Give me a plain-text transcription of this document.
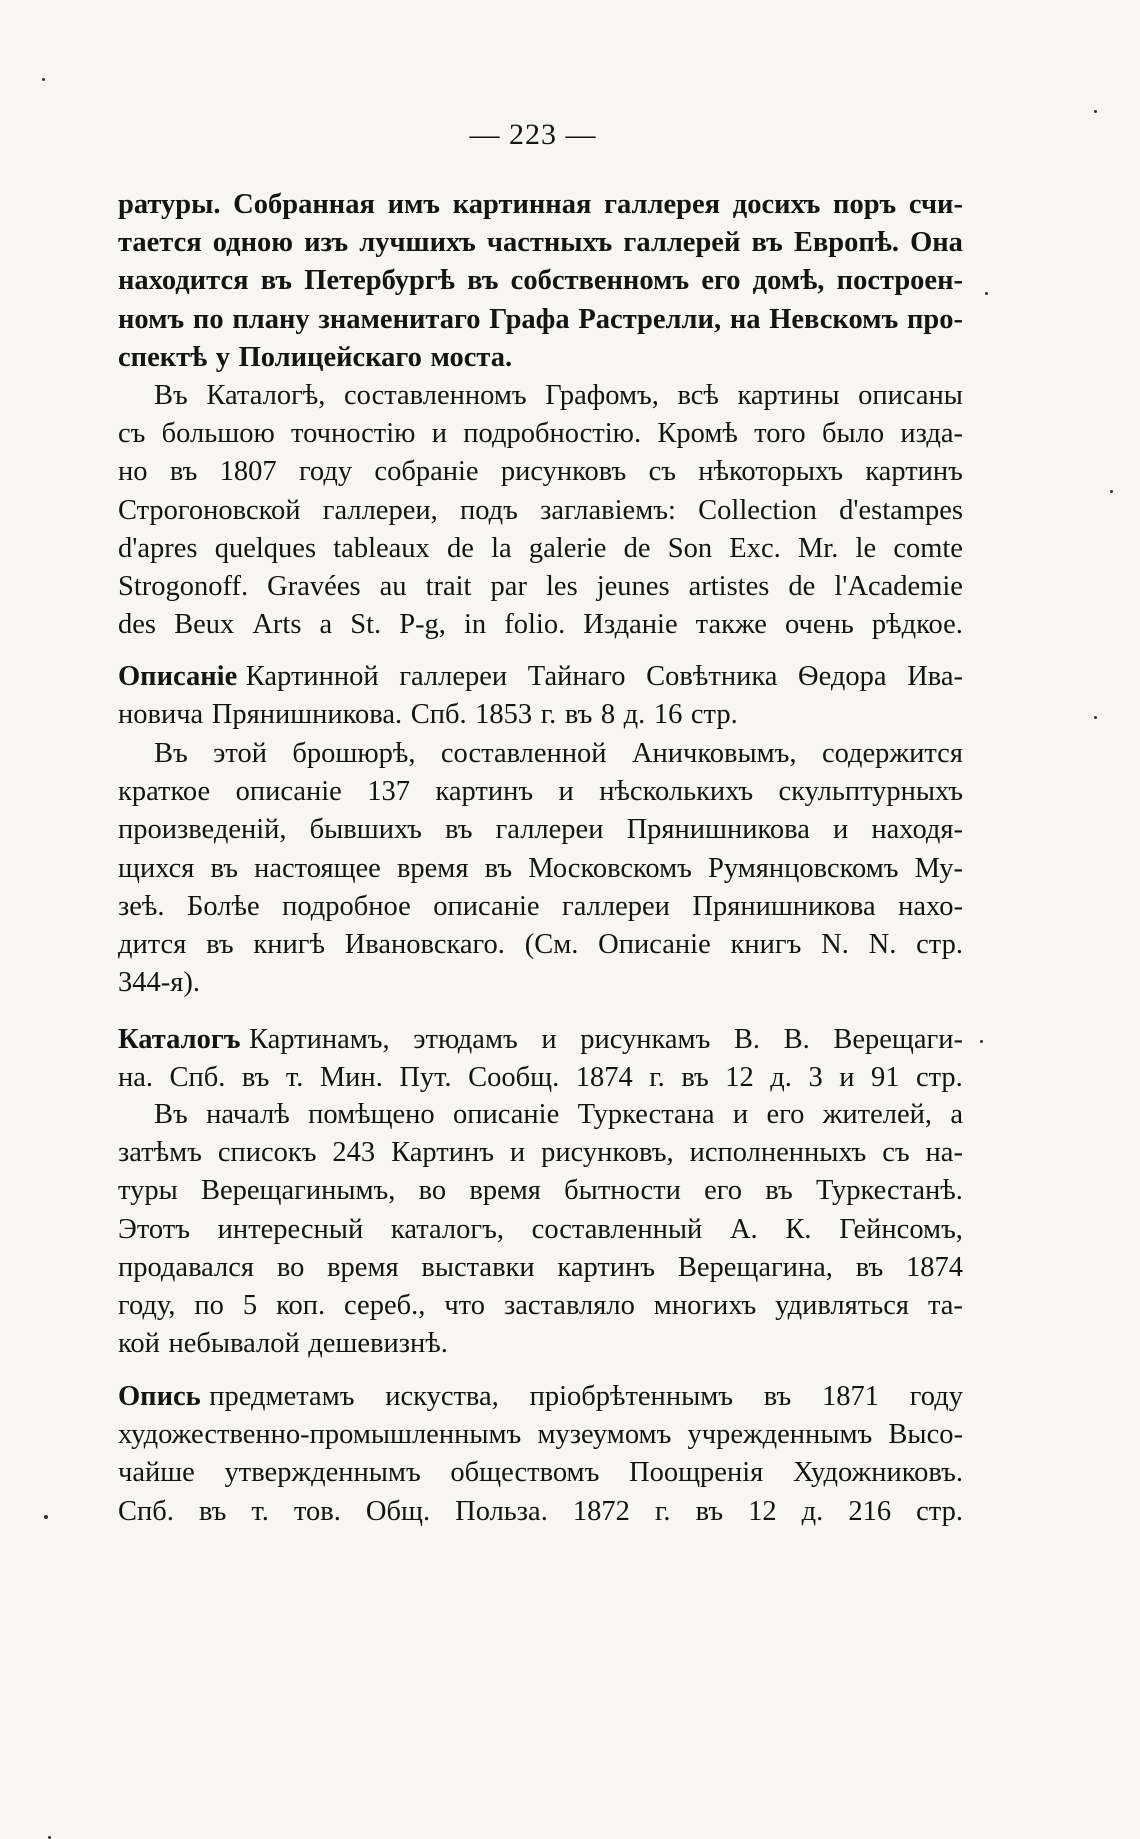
— 223 —
ратуры. Собранная имъ картинная галлерея досихъ поръ счи-
тается одною изъ лучшихъ частныхъ галлерей въ Европѣ. Она
находится въ Петербургѣ въ собственномъ его домѣ, построен-
номъ по плану знаменитаго Графа Растрелли, на Невскомъ про-
спектѣ у Полицейскаго моста.
Въ Каталогѣ, составленномъ Графомъ, всѣ картины описаны
съ большою точностію и подробностію. Кромѣ того было изда-
но въ 1807 году собраніе рисунковъ съ нѣкоторыхъ картинъ
Строгоновской галлереи, подъ заглавіемъ: Collection d'estampes
d'apres quelques tableaux de la galerie de Son Exc. Mr. le comte
Strogonoff. Gravées au trait par les jeunes artistes de l'Academie
des Beux Arts a St. P-g, in folio. Изданіе также очень рѣдкое.
Описаніе Картинной галлереи Тайнаго Совѣтника Ѳедора Ива-
новича Прянишникова. Спб. 1853 г. въ 8 д. 16 стр.
Въ этой брошюрѣ, составленной Аничковымъ, содержится
краткое описаніе 137 картинъ и нѣсколькихъ скульптурныхъ
произведеній, бывшихъ въ галлереи Прянишникова и находя-
щихся въ настоящее время въ Московскомъ Румянцовскомъ Му-
зеѣ. Болѣе подробное описаніе галлереи Прянишникова нахо-
дится въ книгѣ Ивановскаго. (См. Описаніе книгъ N. N. стр.
344-я).
Каталогъ Картинамъ, этюдамъ и рисункамъ В. В. Верещаги-
на. Спб. въ т. Мин. Пут. Сообщ. 1874 г. въ 12 д. 3 и 91 стр.
Въ началѣ помѣщено описаніе Туркестана и его жителей, а
затѣмъ списокъ 243 Картинъ и рисунковъ, исполненныхъ съ на-
туры Верещагинымъ, во время бытности его въ Туркестанѣ.
Этотъ интересный каталогъ, составленный А. К. Гейнсомъ,
продавался во время выставки картинъ Верещагина, въ 1874
году, по 5 коп. сереб., что заставляло многихъ удивляться та-
кой небывалой дешевизнѣ.
Опись предметамъ искуства, пріобрѣтеннымъ въ 1871 году
художественно-промышленнымъ музеумомъ учрежденнымъ Высо-
чайше утвержденнымъ обществомъ Поощренія Художниковъ.
Спб. въ т. тов. Общ. Польза. 1872 г. въ 12 д. 216 стр.
